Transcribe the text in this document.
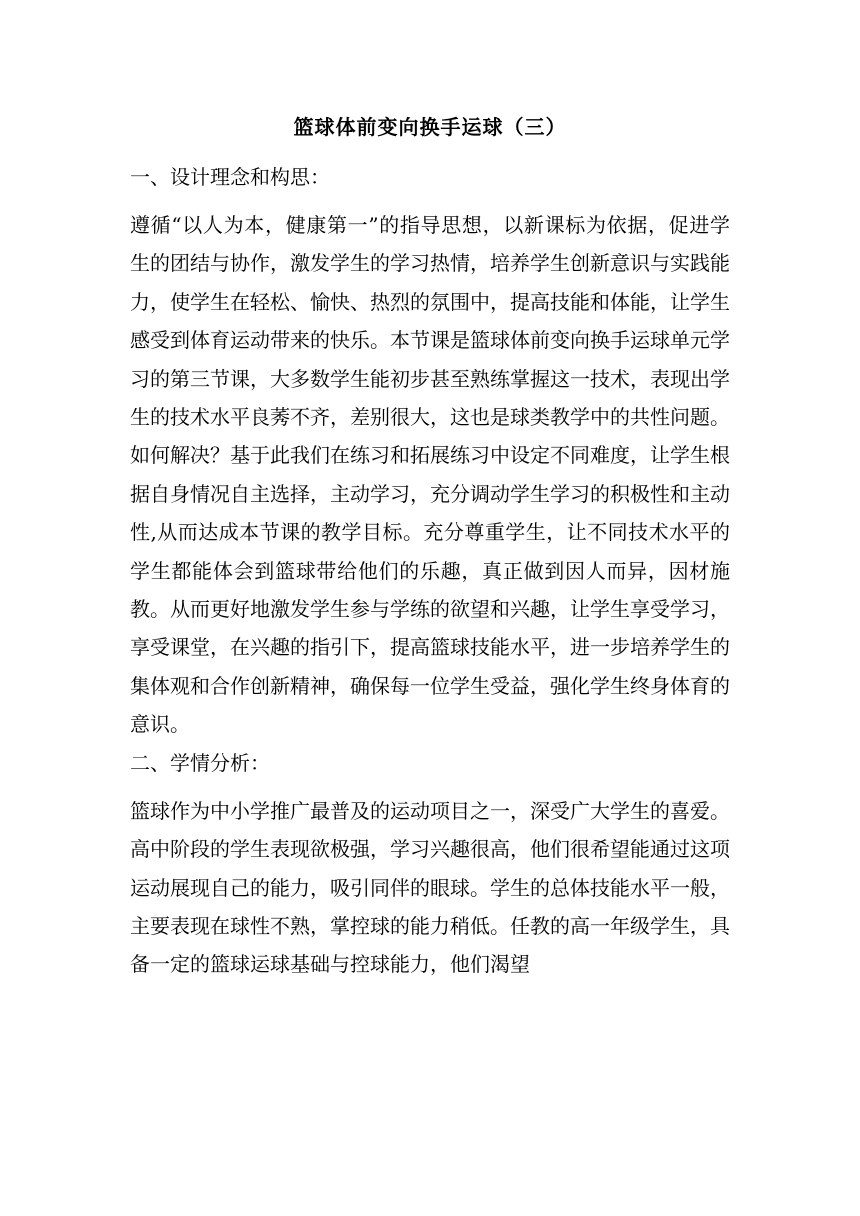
篮球体前变向换手运球（三）
一、设计理念和构思：

遵循“以人为本，健康第一”的指导思想，以新课标为依据，促进学生的团结与协作，激发学生的学习热情，培养学生创新意识与实践能力，使学生在轻松、愉快、热烈的氛围中，提高技能和体能，让学生感受到体育运动带来的快乐。本节课是篮球体前变向换手运球单元学习的第三节课，大多数学生能初步甚至熟练掌握这一技术，表现出学生的技术水平良莠不齐，差别很大，这也是球类教学中的共性问题。如何解决？基于此我们在练习和拓展练习中设定不同难度，让学生根据自身情况自主选择，主动学习，充分调动学生学习的积极性和主动性,从而达成本节课的教学目标。充分尊重学生，让不同技术水平的学生都能体会到篮球带给他们的乐趣，真正做到因人而异，因材施教。从而更好地激发学生参与学练的欲望和兴趣，让学生享受学习，享受课堂，在兴趣的指引下，提高篮球技能水平，进一步培养学生的集体观和合作创新精神，确保每一位学生受益，强化学生终身体育的意识。

二、学情分析：

篮球作为中小学推广最普及的运动项目之一，深受广大学生的喜爱。高中阶段的学生表现欲极强，学习兴趣很高，他们很希望能通过这项运动展现自己的能力，吸引同伴的眼球。学生的总体技能水平一般，主要表现在球性不熟，掌控球的能力稍低。任教的高一年级学生，具备一定的篮球运球基础与控球能力，他们渴望
